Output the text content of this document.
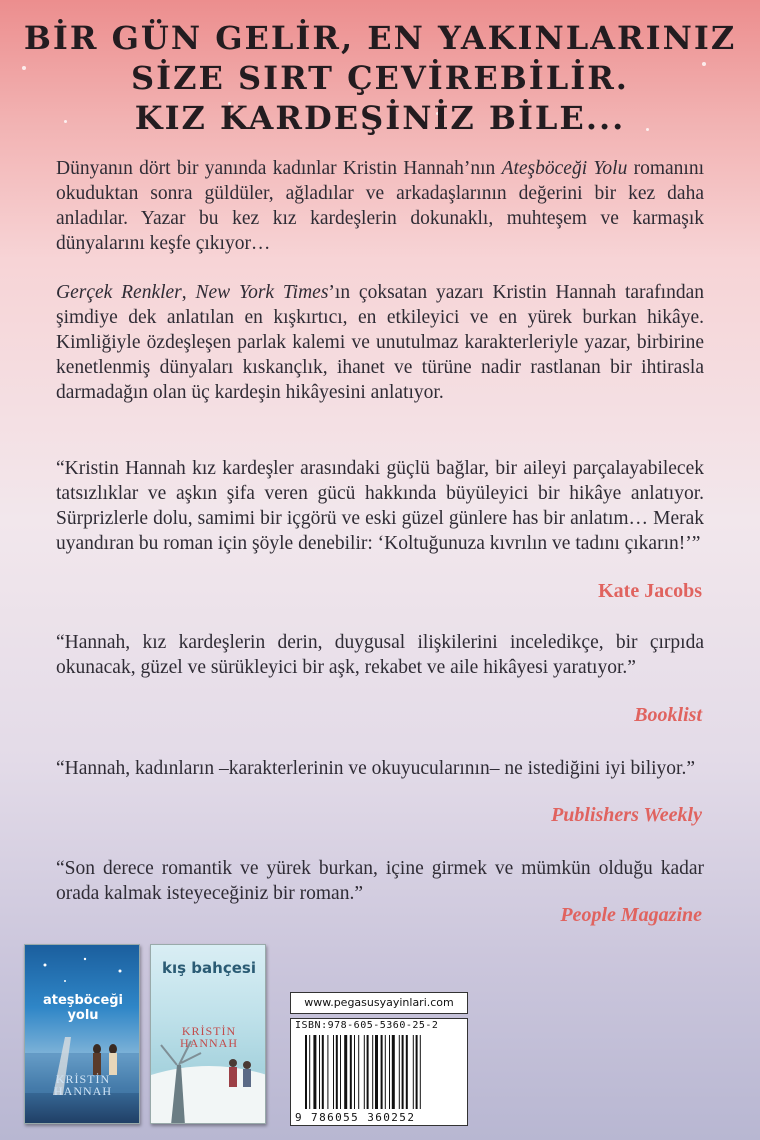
BİR GÜN GELİR, EN YAKINLARINIZ
SİZE SIRT ÇEVİREBİLİR.
KIZ KARDEŞİNİZ BİLE...

Dünyanın dört bir yanında kadınlar Kristin Hannah’nın Ateşböceği Yolu romanını okuduktan sonra güldüler, ağladılar ve arkadaşlarının değerini bir kez daha anladılar. Yazar bu kez kız kardeşlerin dokunaklı, muhteşem ve karmaşık dünyalarını keşfe çıkıyor…

Gerçek Renkler, New York Times’ın çoksatan yazarı Kristin Hannah tarafından şimdiye dek anlatılan en kışkırtıcı, en etkileyici ve en yürek burkan hikâye. Kimliğiyle özdeşleşen parlak kalemi ve unutulmaz karakterleriyle yazar, birbirine kenetlenmiş dünyaları kıskançlık, ihanet ve türüne nadir rastlanan bir ihtirasla darmadağın olan üç kardeşin hikâyesini anlatıyor.

“Kristin Hannah kız kardeşler arasındaki güçlü bağlar, bir aileyi parçalayabilecek tatsızlıklar ve aşkın şifa veren gücü hakkında büyüleyici bir hikâye anlatıyor. Sürprizlerle dolu, samimi bir içgörü ve eski güzel günlere has bir anlatım… Merak uyandıran bu roman için şöyle denebilir: ‘Koltuğunuza kıvrılın ve tadını çıkarın!’”

Kate Jacobs

“Hannah, kız kardeşlerin derin, duygusal ilişkilerini inceledikçe, bir çırpıda okunacak, güzel ve sürükleyici bir aşk, rekabet ve aile hikâyesi yaratıyor.”

Booklist

“Hannah, kadınların –karakterlerinin ve okuyucularının– ne istediğini iyi biliyor.”

Publishers Weekly

“Son derece romantik ve yürek burkan, içine girmek ve mümkün olduğu kadar orada kalmak isteyeceğiniz bir roman.”

People Magazine
ateşböceği yolu
KRİSTİN
HANNAH
kış bahçesi
KRİSTİN
HANNAH
www.pegasusyayinlari.com
ISBN:978-605-5360-25-2
9 786055 360252
